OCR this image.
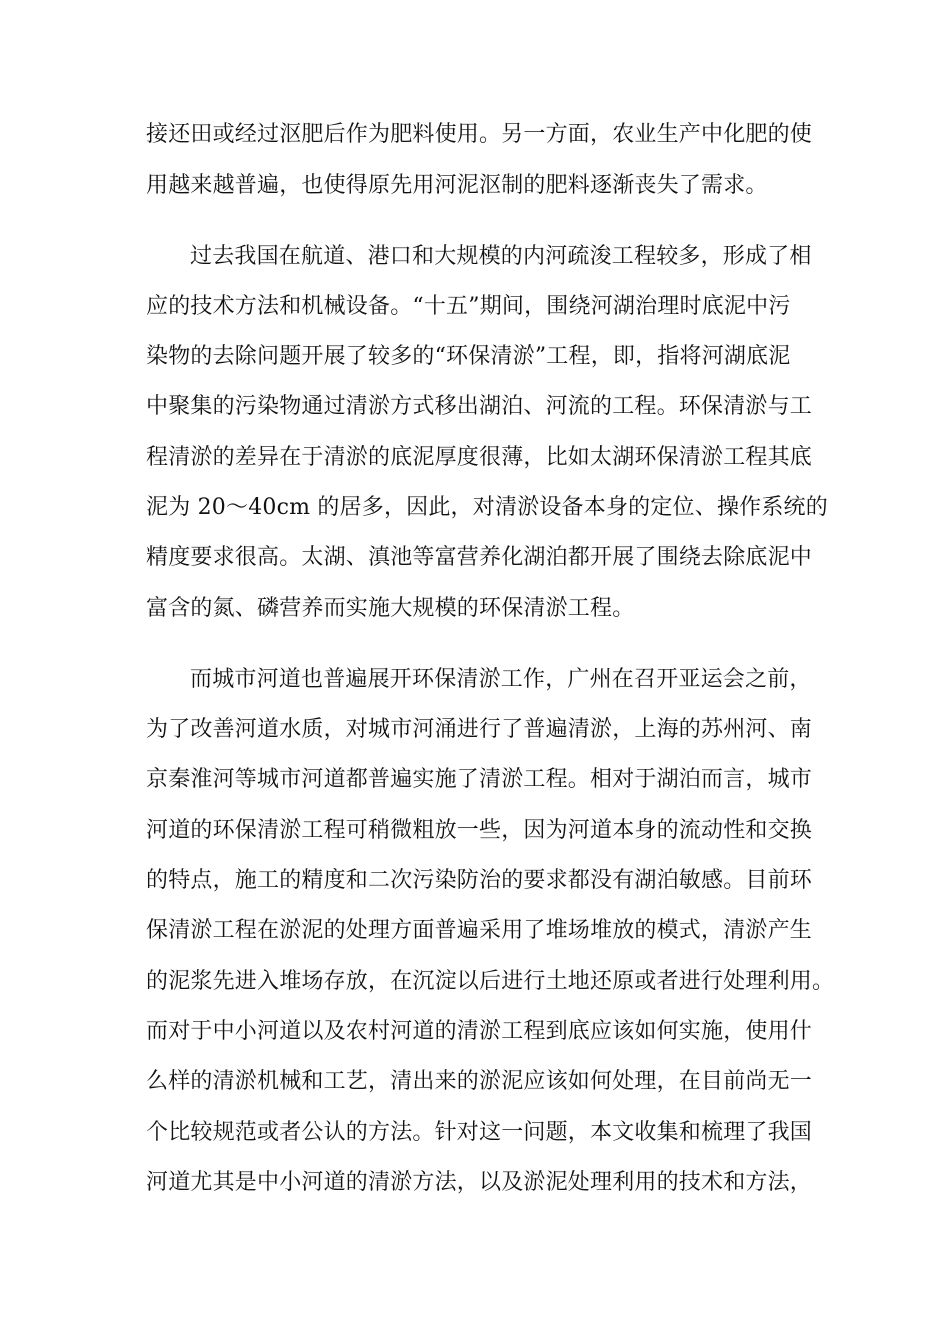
接还田或经过沤肥后作为肥料使用。另一方面，农业生产中化肥的使
用越来越普遍，也使得原先用河泥沤制的肥料逐渐丧失了需求。
过去我国在航道、港口和大规模的内河疏浚工程较多，形成了相
应的技术方法和机械设备。“十五”期间，围绕河湖治理时底泥中污
染物的去除问题开展了较多的“环保清淤”工程，即，指将河湖底泥
中聚集的污染物通过清淤方式移出湖泊、河流的工程。环保清淤与工
程清淤的差异在于清淤的底泥厚度很薄，比如太湖环保清淤工程其底
泥为 20～40cm 的居多，因此，对清淤设备本身的定位、操作系统的
精度要求很高。太湖、滇池等富营养化湖泊都开展了围绕去除底泥中
富含的氮、磷营养而实施大规模的环保清淤工程。
而城市河道也普遍展开环保清淤工作，广州在召开亚运会之前，
为了改善河道水质，对城市河涌进行了普遍清淤，上海的苏州河、南
京秦淮河等城市河道都普遍实施了清淤工程。相对于湖泊而言，城市
河道的环保清淤工程可稍微粗放一些，因为河道本身的流动性和交换
的特点，施工的精度和二次污染防治的要求都没有湖泊敏感。目前环
保清淤工程在淤泥的处理方面普遍采用了堆场堆放的模式，清淤产生
的泥浆先进入堆场存放，在沉淀以后进行土地还原或者进行处理利用。
而对于中小河道以及农村河道的清淤工程到底应该如何实施，使用什
么样的清淤机械和工艺，清出来的淤泥应该如何处理，在目前尚无一
个比较规范或者公认的方法。针对这一问题，本文收集和梳理了我国
河道尤其是中小河道的清淤方法，以及淤泥处理利用的技术和方法，
